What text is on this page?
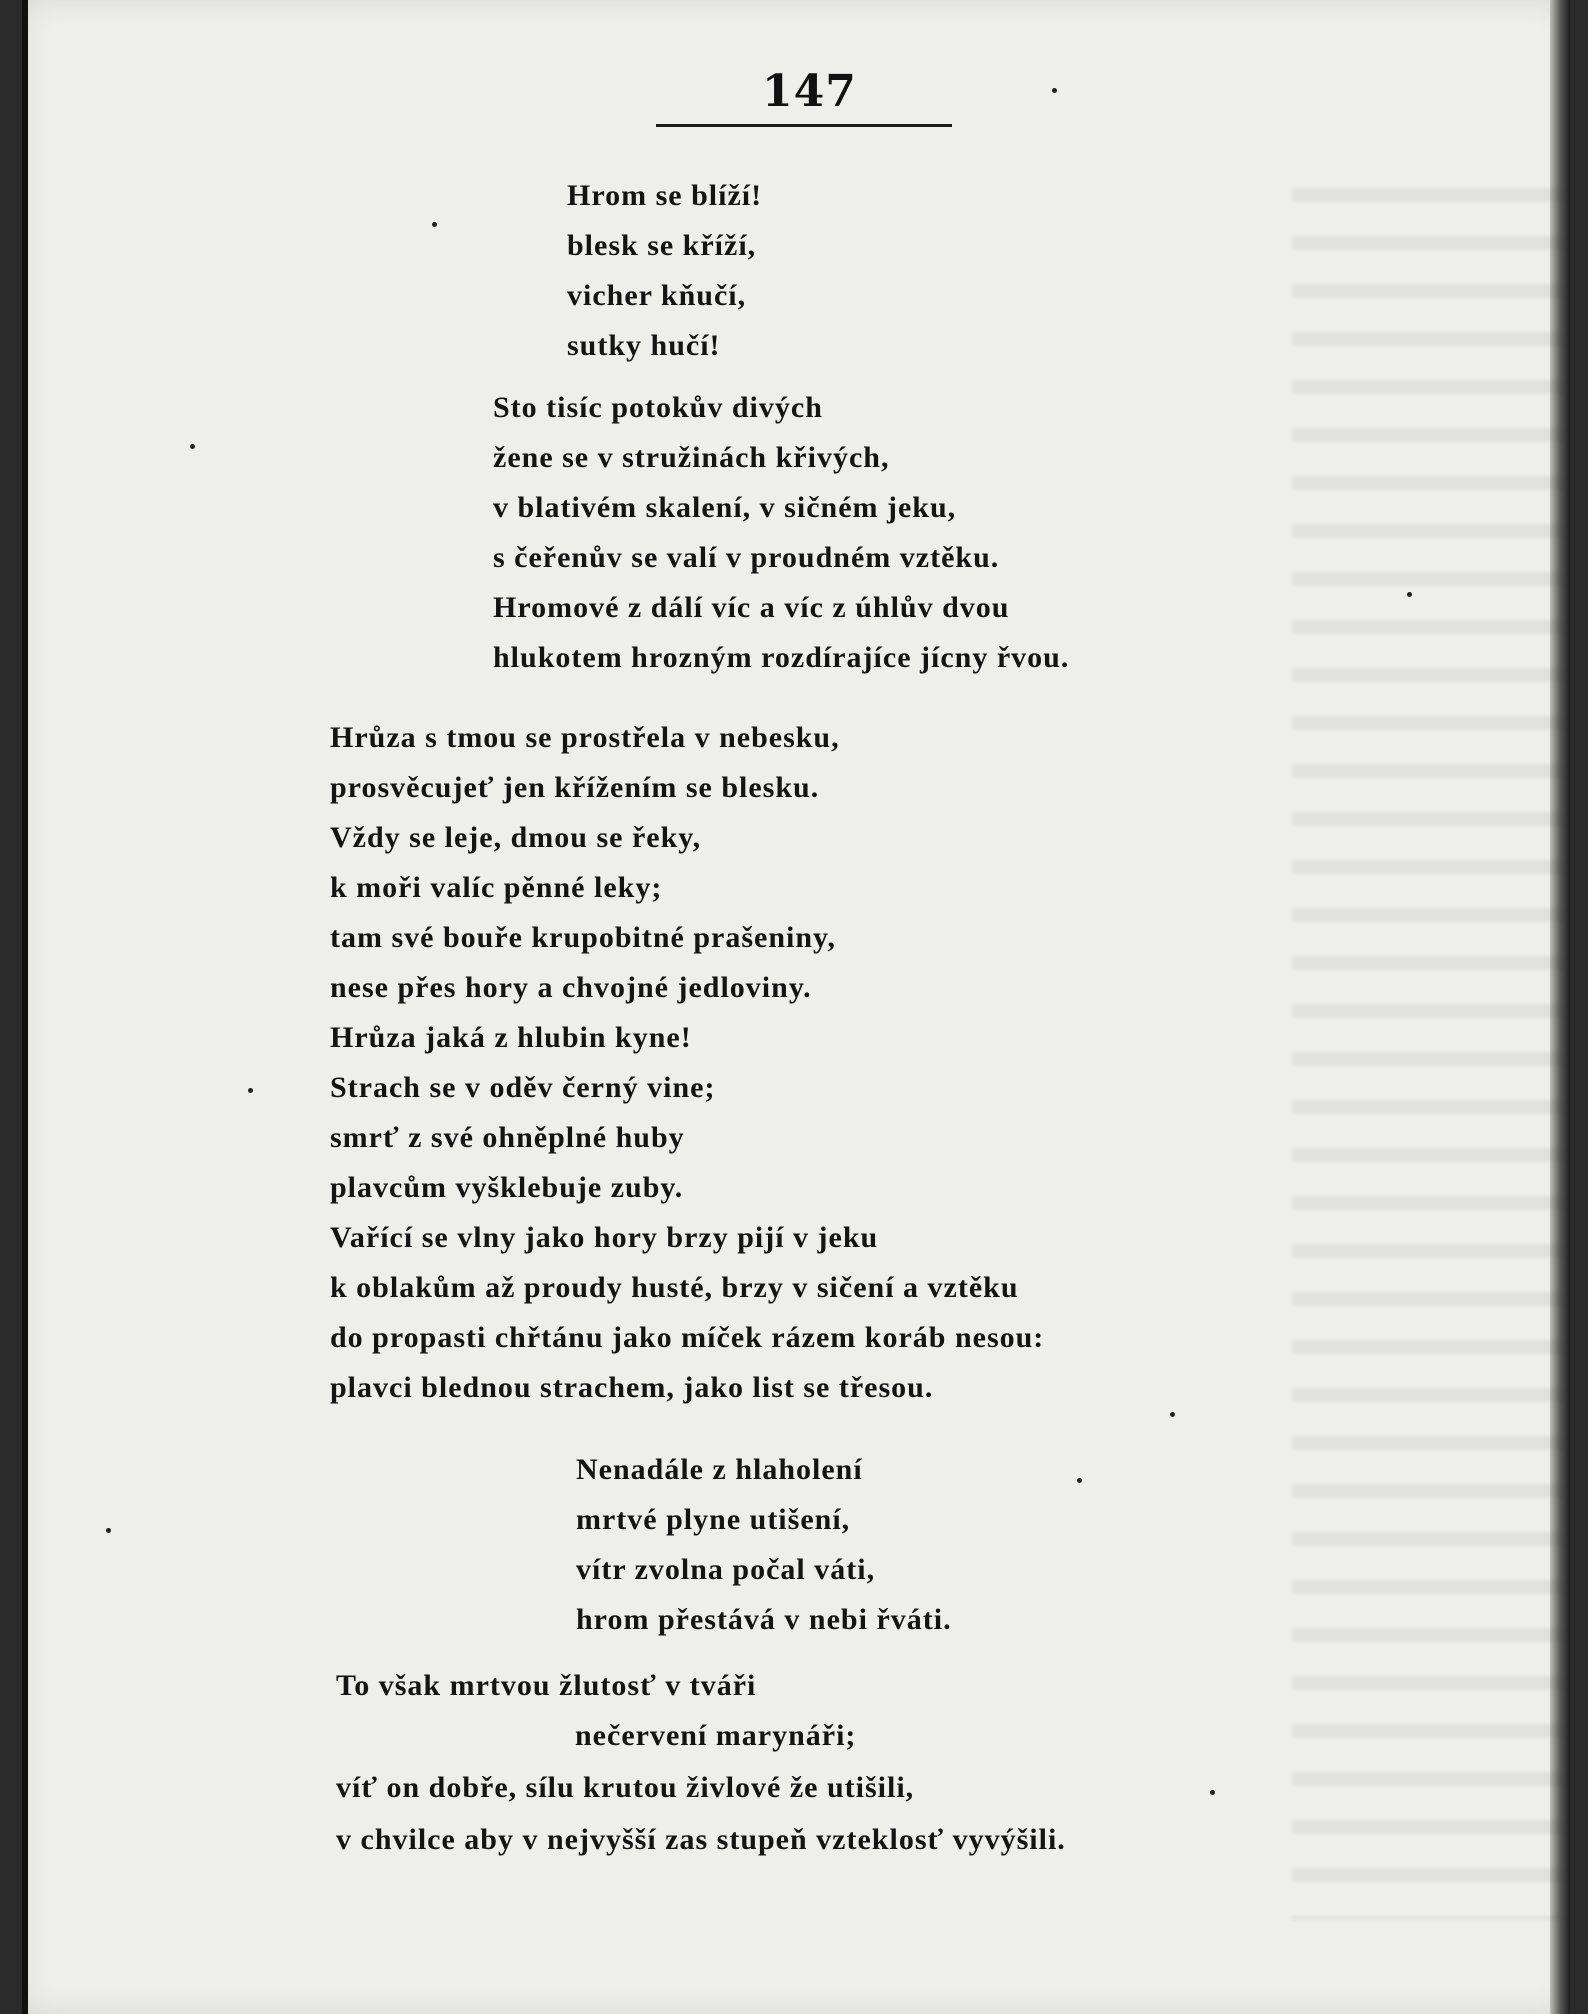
147
Hrom se blíží!
blesk se kříží,
vicher kňučí,
sutky hučí!
Sto tisíc potokův divých
žene se v stružinách křivých,
v blativém skalení, v sičném jeku,
s čeřenův se valí v proudném vztěku.
Hromové z dálí víc a víc z úhlův dvou
hlukotem hrozným rozdírajíce jícny řvou.
Hrůza s tmou se prostřela v nebesku,
prosvěcujeť jen křížením se blesku.
Vždy se leje, dmou se řeky,
k moři valíc pěnné leky;
tam své bouře krupobitné prašeniny,
nese přes hory a chvojné jedloviny.
Hrůza jaká z hlubin kyne!
Strach se v oděv černý vine;
smrť z své ohněplné huby
plavcům vyšklebuje zuby.
Vařící se vlny jako hory brzy pijí v jeku
k oblakům až proudy husté, brzy v sičení a vztěku
do propasti chřtánu jako míček rázem koráb nesou:
plavci blednou strachem, jako list se třesou.
Nenadále z hlaholení
mrtvé plyne utišení,
vítr zvolna počal váti,
hrom přestává v nebi řváti.
To však mrtvou žlutosť v tváři
nečervení marynáři;
víť on dobře, sílu krutou živlové že utišili,
v chvilce aby v nejvyšší zas stupeň vzteklosť vyvýšili.
